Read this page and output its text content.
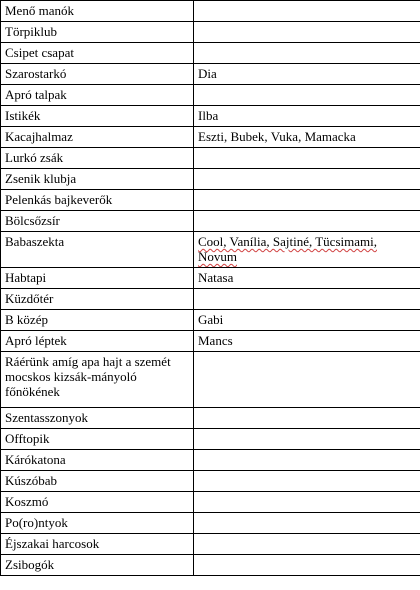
Menő manók	
Törpiklub	
Csipet csapat	
Szarostarkó	Dia
Apró talpak	
Istikék	Ilba
Kacajhalmaz	Eszti, Bubek, Vuka, Mamacka
Lurkó zsák	
Zsenik klubja	
Pelenkás bajkeverők	
Bölcsőzsír	
Babaszekta	Cool, Vanília, Sajtiné, Tücsimami, Novum
Habtapi	Natasa
Küzdőtér	
B közép	Gabi
Apró léptek	Mancs
Ráérünk amíg apa hajt a szemét mocskos kizsák-mányoló főnökének	
Szentasszonyok	
Offtopik	
Kárókatona	
Kúszóbab	
Koszmó	
Po(ro)ntyok	
Éjszakai harcosok	
Zsibogók	
